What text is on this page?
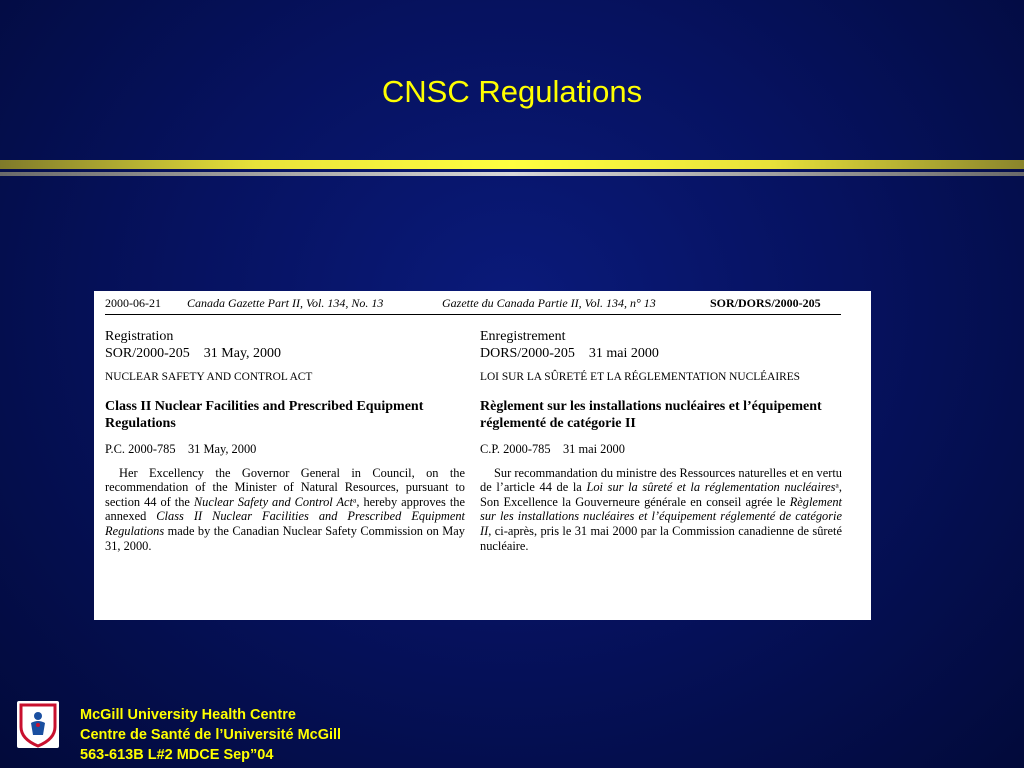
CNSC Regulations
2000-06-21 Canada Gazette Part II, Vol. 134, No. 13	Gazette du Canada Partie II, Vol. 134, n° 13	SOR/DORS/2000-205
Registration
SOR/2000-205    31 May, 2000
NUCLEAR SAFETY AND CONTROL ACT
Class II Nuclear Facilities and Prescribed Equipment Regulations
P.C. 2000-785    31 May, 2000
Her Excellency the Governor General in Council, on the recommendation of the Minister of Natural Resources, pursuant to section 44 of the Nuclear Safety and Control Actᵃ, hereby approves the annexed Class II Nuclear Facilities and Prescribed Equipment Regulations made by the Canadian Nuclear Safety Commission on May 31, 2000.
Enregistrement
DORS/2000-205    31 mai 2000
LOI SUR LA SÛRETÉ ET LA RÉGLEMENTATION NUCLÉAIRES
Règlement sur les installations nucléaires et l’équipement réglementé de catégorie II
C.P. 2000-785    31 mai 2000
Sur recommandation du ministre des Ressources naturelles et en vertu de l’article 44 de la Loi sur la sûreté et la réglementation nucléairesᵃ, Son Excellence la Gouverneure générale en conseil agrée le Règlement sur les installations nucléaires et l’équipement réglementé de catégorie II, ci-après, pris le 31 mai 2000 par la Commission canadienne de sûreté nucléaire.
McGill University Health Centre
Centre de Santé de l’Université McGill
563-613B L#2 MDCE Sep”04
